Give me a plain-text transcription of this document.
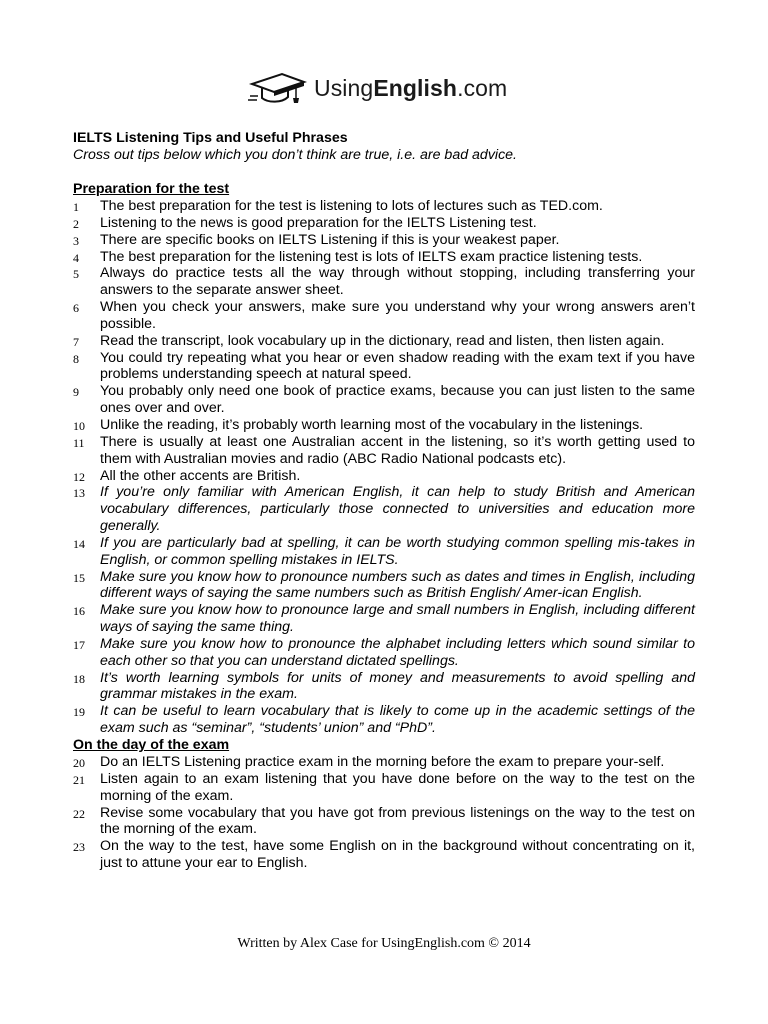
UsingEnglish.com
IELTS Listening Tips and Useful Phrases
Cross out tips below which you don’t think are true, i.e. are bad advice.
Preparation for the test
1	The best preparation for the test is listening to lots of lectures such as TED.com.
2	Listening to the news is good preparation for the IELTS Listening test.
3	There are specific books on IELTS Listening if this is your weakest paper.
4	The best preparation for the listening test is lots of IELTS exam practice listening tests.
5	Always do practice tests all the way through without stopping, including transferring your answers to the separate answer sheet.
6	When you check your answers, make sure you understand why your wrong answers aren’t possible.
7	Read the transcript, look vocabulary up in the dictionary, read and listen, then listen again.
8	You could try repeating what you hear or even shadow reading with the exam text if you have problems understanding speech at natural speed.
9	You probably only need one book of practice exams, because you can just listen to the same ones over and over.
10	Unlike the reading, it’s probably worth learning most of the vocabulary in the listenings.
11	There is usually at least one Australian accent in the listening, so it’s worth getting used to them with Australian movies and radio (ABC Radio National podcasts etc).
12	All the other accents are British.
13	If you’re only familiar with American English, it can help to study British and American vocabulary differences, particularly those connected to universities and education more generally.
14	If you are particularly bad at spelling, it can be worth studying common spelling mis-takes in English, or common spelling mistakes in IELTS.
15	Make sure you know how to pronounce numbers such as dates and times in English, including different ways of saying the same numbers such as British English/ Amer-ican English.
16	Make sure you know how to pronounce large and small numbers in English, including different ways of saying the same thing.
17	Make sure you know how to pronounce the alphabet including letters which sound similar to each other so that you can understand dictated spellings.
18	It’s worth learning symbols for units of money and measurements to avoid spelling and grammar mistakes in the exam.
19	It can be useful to learn vocabulary that is likely to come up in the academic settings of the exam such as “seminar”, “students’ union” and “PhD”.
On the day of the exam
20	Do an IELTS Listening practice exam in the morning before the exam to prepare your-self.
21	Listen again to an exam listening that you have done before on the way to the test on the morning of the exam.
22	Revise some vocabulary that you have got from previous listenings on the way to the test on the morning of the exam.
23	On the way to the test, have some English on in the background without concentrating on it, just to attune your ear to English.
Written by Alex Case for UsingEnglish.com © 2014
